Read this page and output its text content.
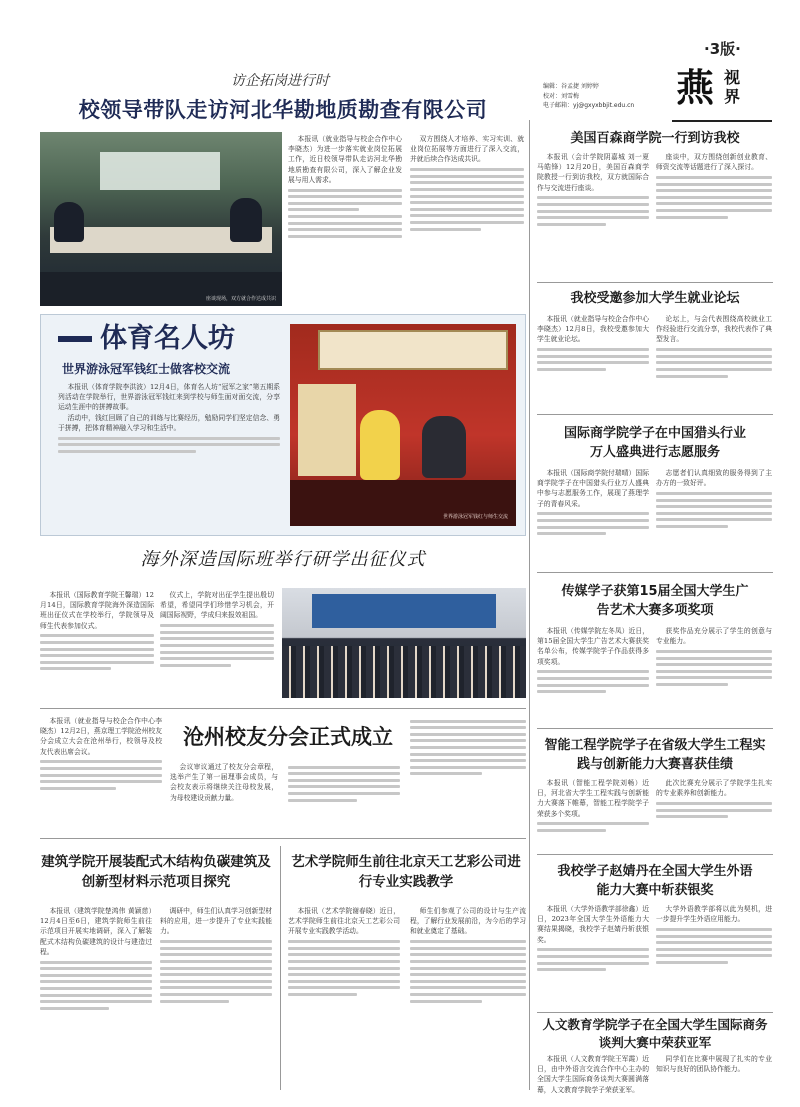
·3版·
燕 视界
编辑：谷孟捷 刘婷婷
校对：刘雪梅
电子邮箱：yj@gxyxbbjit.edu.cn
访企拓岗进行时
校领导带队走访河北华勘地质勘查有限公司
座谈现场，双方就合作达成共识

本报讯（就业指导与校企合作中心李晓杰）为进一步落实就业岗位拓展工作，近日校领导带队走访河北华勘地质勘查有限公司，深入了解企业发展与用人需求。

双方围绕人才培养、实习实训、就业岗位拓展等方面进行了深入交流，并就后续合作达成共识。

体育名人坊
世界游泳冠军钱红士做客校交流

本报讯（体育学院李洪波）12月4日，体育名人坊“冠军之家”第五期系列活动在学院举行，世界游泳冠军钱红来到学校与师生面对面交流，分享运动生涯中的拼搏故事。

活动中，钱红回顾了自己的训练与比赛经历，勉励同学们坚定信念、勇于拼搏，把体育精神融入学习和生活中。

世界游泳冠军钱红与师生交流
海外深造国际班举行研学出征仪式

本报讯（国际教育学院王馨瑞）12月14日，国际教育学院海外深造国际班出征仪式在学校举行，学院领导及师生代表参加仪式。

仪式上，学院对出征学生提出殷切希望，希望同学们珍惜学习机会，开阔国际视野，学成归来报效祖国。

本报讯（就业指导与校企合作中心李晓杰）12月2日，燕京理工学院沧州校友分会成立大会在沧州举行，校领导及校友代表出席会议。

沧州校友分会正式成立

会议审议通过了校友分会章程，选举产生了第一届理事会成员，与会校友表示将继续关注母校发展，为母校建设贡献力量。

建筑学院开展装配式木结构负碳建筑及创新型材料示范项目探究

本报讯（建筑学院楚鸿伟 黄颖慈）12月4日至6日，建筑学院师生前往示范项目开展实地调研，深入了解装配式木结构负碳建筑的设计与建造过程。

调研中，师生们认真学习创新型材料的应用，进一步提升了专业实践能力。

艺术学院师生前往北京天工艺彩公司进行专业实践教学

本报讯（艺术学院谢春晓）近日，艺术学院师生前往北京天工艺彩公司开展专业实践教学活动。

师生们参观了公司的设计与生产流程，了解行业发展前沿，为今后的学习和就业奠定了基础。

美国百森商学院一行到访我校

本报讯（会计学院阴嘉城 刘一夏 马皓锋）12月20日，美国百森商学院教授一行到访我校，双方就国际合作与交流进行座谈。

座谈中，双方围绕创新创业教育、师资交流等话题进行了深入探讨。

我校受邀参加大学生就业论坛

本报讯（就业指导与校企合作中心李晓杰）12月8日，我校受邀参加大学生就业论坛。

论坛上，与会代表围绕高校就业工作经验进行交流分享，我校代表作了典型发言。

国际商学院学子在中国猎头行业万人盛典进行志愿服务

本报讯（国际商学院付瑞晴）国际商学院学子在中国猎头行业万人盛典中参与志愿服务工作，展现了燕理学子的青春风采。

志愿者们认真细致的服务得到了主办方的一致好评。

传媒学子获第15届全国大学生广告艺术大赛多项奖项

本报讯（传媒学院左冬凤）近日，第15届全国大学生广告艺术大赛获奖名单公布，传媒学院学子作品获得多项奖项。

获奖作品充分展示了学生的创意与专业能力。

智能工程学院学子在省级大学生工程实践与创新能力大赛喜获佳绩

本报讯（智能工程学院刘畅）近日，河北省大学生工程实践与创新能力大赛落下帷幕，智能工程学院学子荣获多个奖项。

此次比赛充分展示了学院学生扎实的专业素养和创新能力。

我校学子赵婧丹在全国大学生外语能力大赛中斩获银奖

本报讯（大学外语教学部徐鑫）近日，2023年全国大学生外语能力大赛结果揭晓，我校学子赵婧丹斩获银奖。

大学外语教学部将以此为契机，进一步提升学生外语应用能力。

人文教育学院学子在全国大学生国际商务谈判大赛中荣获亚军

本报讯（人文教育学院王军霞）近日，由中外语言交流合作中心主办的全国大学生国际商务谈判大赛圆满落幕，人文教育学院学子荣获亚军。

同学们在比赛中展现了扎实的专业知识与良好的团队协作能力。
